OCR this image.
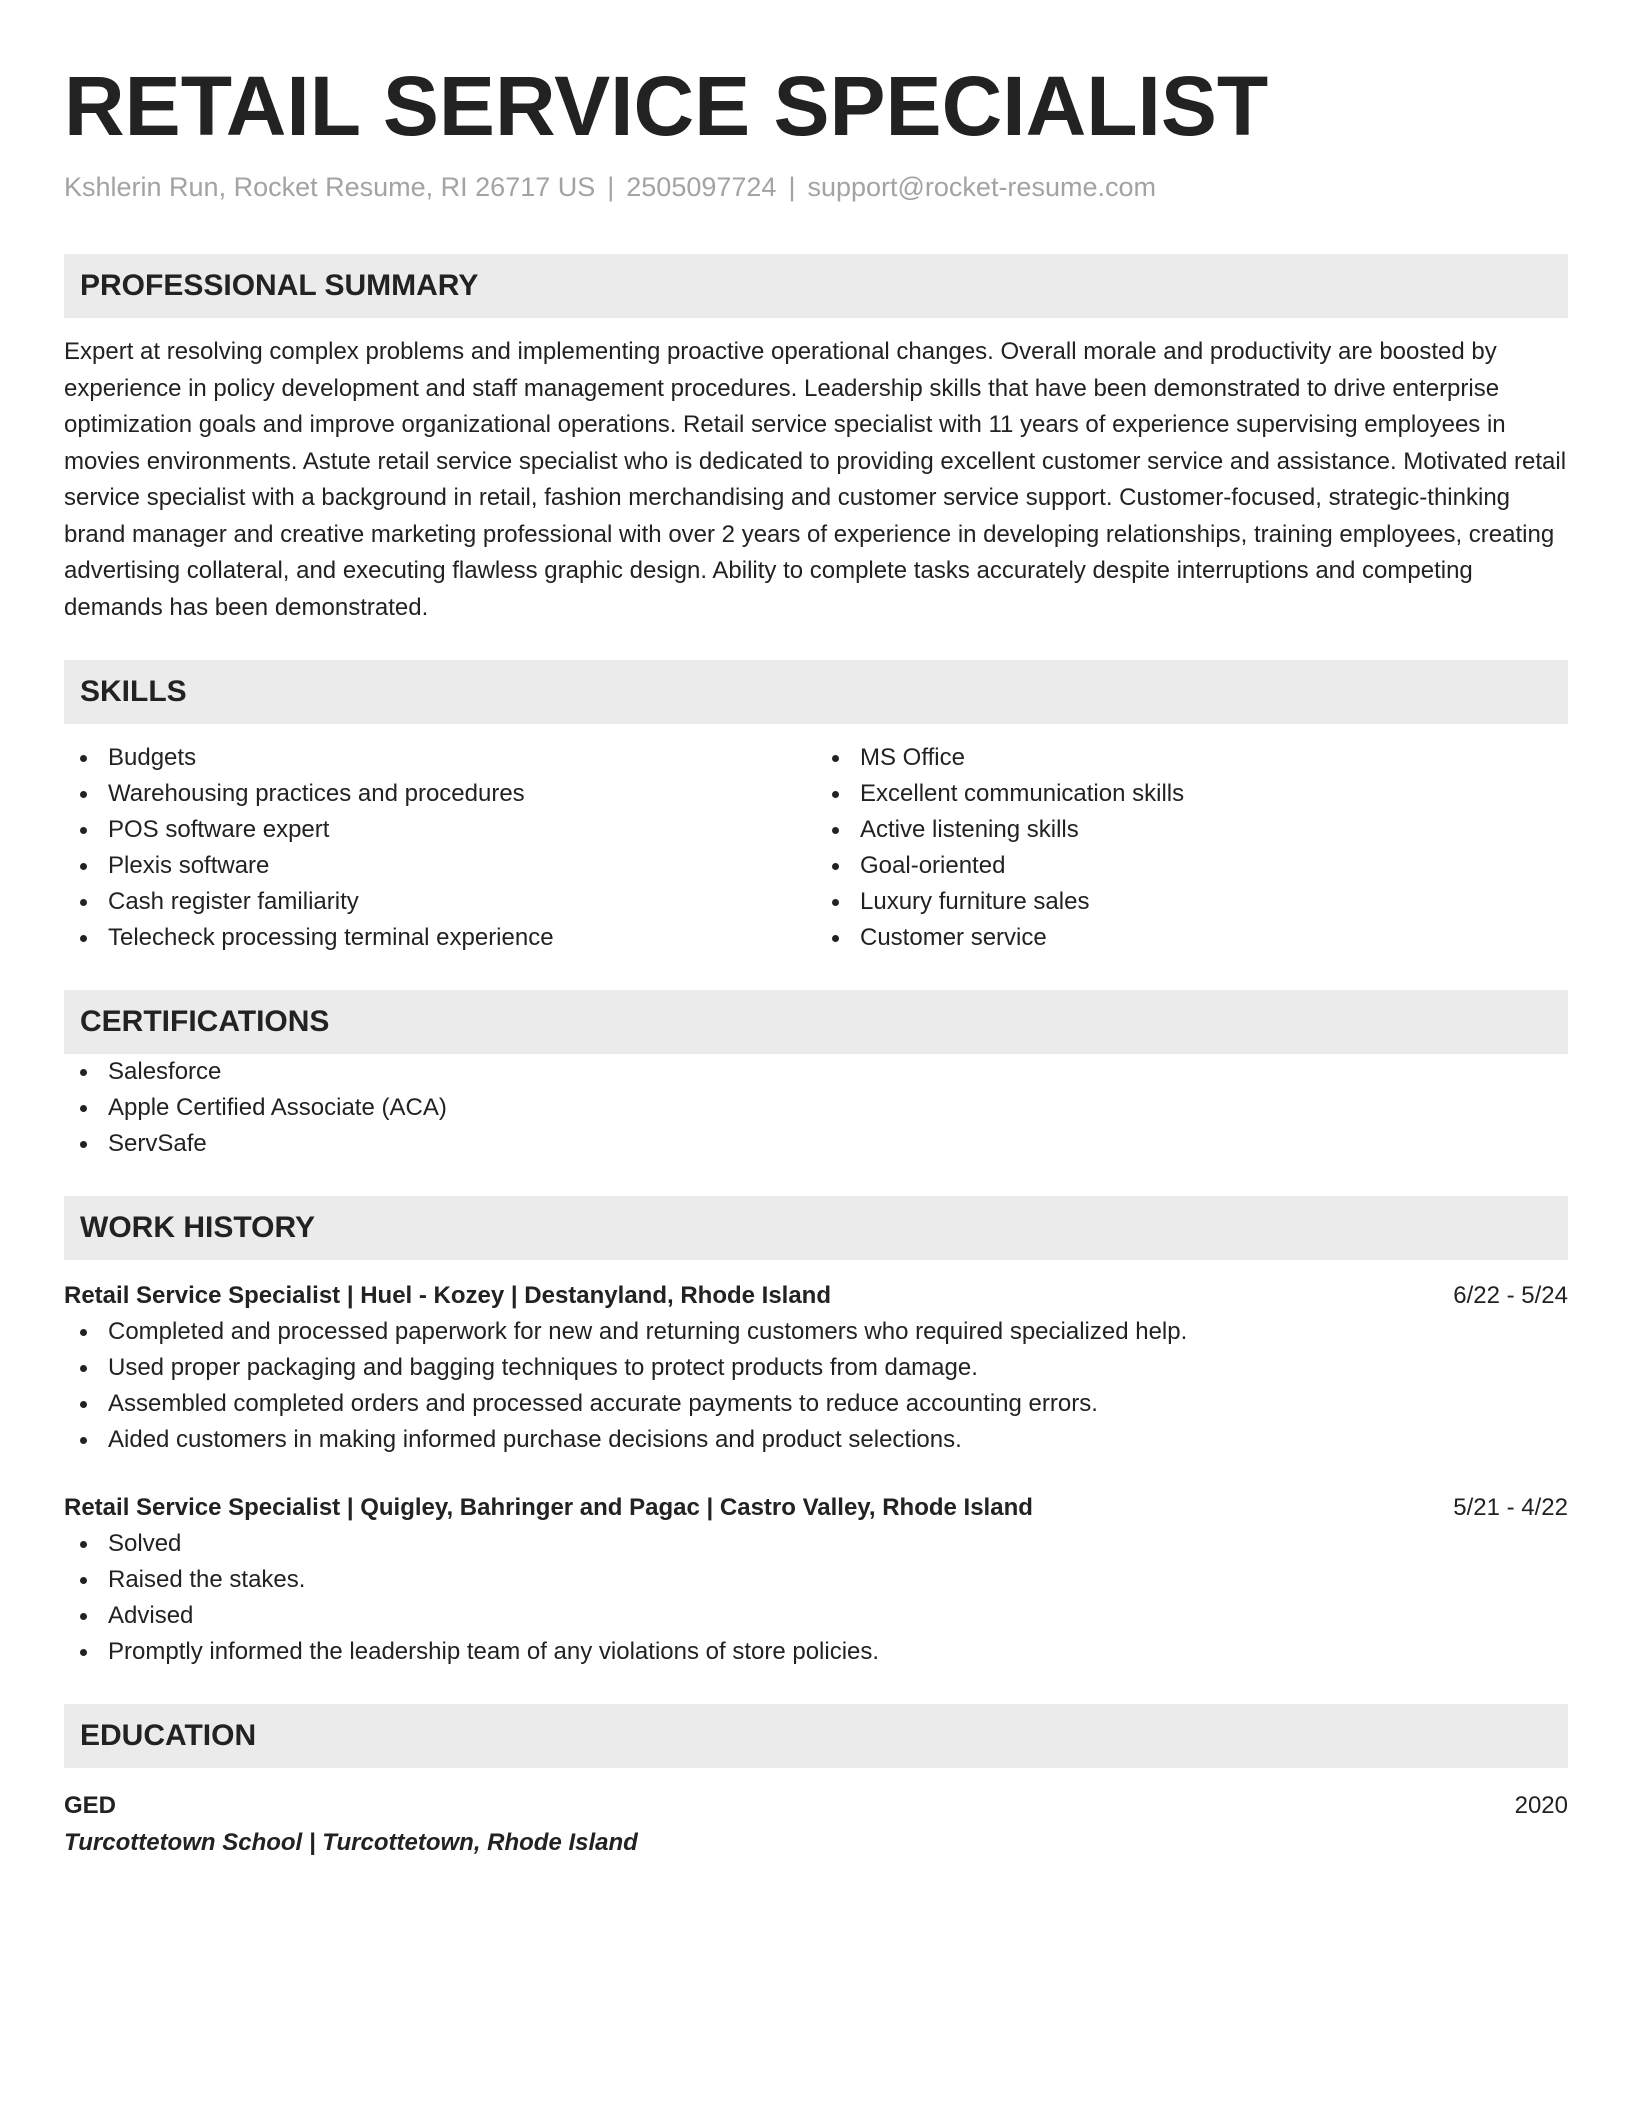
RETAIL SERVICE SPECIALIST
Kshlerin Run, Rocket Resume, RI 26717 US | 2505097724 | support@rocket-resume.com
PROFESSIONAL SUMMARY
Expert at resolving complex problems and implementing proactive operational changes. Overall morale and productivity are boosted by experience in policy development and staff management procedures. Leadership skills that have been demonstrated to drive enterprise optimization goals and improve organizational operations. Retail service specialist with 11 years of experience supervising employees in movies environments. Astute retail service specialist who is dedicated to providing excellent customer service and assistance. Motivated retail service specialist with a background in retail, fashion merchandising and customer service support. Customer-focused, strategic-thinking brand manager and creative marketing professional with over 2 years of experience in developing relationships, training employees, creating advertising collateral, and executing flawless graphic design. Ability to complete tasks accurately despite interruptions and competing demands has been demonstrated.
SKILLS
Budgets
Warehousing practices and procedures
POS software expert
Plexis software
Cash register familiarity
Telecheck processing terminal experience
MS Office
Excellent communication skills
Active listening skills
Goal-oriented
Luxury furniture sales
Customer service
CERTIFICATIONS
Salesforce
Apple Certified Associate (ACA)
ServSafe
WORK HISTORY
Retail Service Specialist | Huel - Kozey | Destanyland, Rhode Island	6/22 - 5/24
Completed and processed paperwork for new and returning customers who required specialized help.
Used proper packaging and bagging techniques to protect products from damage.
Assembled completed orders and processed accurate payments to reduce accounting errors.
Aided customers in making informed purchase decisions and product selections.
Retail Service Specialist | Quigley, Bahringer and Pagac | Castro Valley, Rhode Island	5/21 - 4/22
Solved
Raised the stakes.
Advised
Promptly informed the leadership team of any violations of store policies.
EDUCATION
GED	2020
Turcottetown School | Turcottetown, Rhode Island
